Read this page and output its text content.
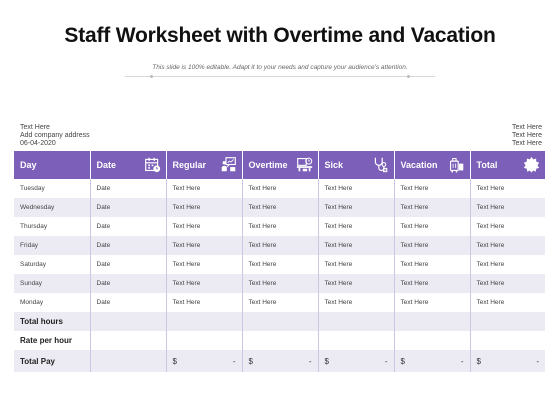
Staff Worksheet with Overtime and Vacation
This slide is 100% editable. Adapt it to your needs and capture your audience's attention.
Text Here
Add company address
06-04-2020
Text Here
Text Here
Text Here
Day	Date	Regular	Overtime	Sick	Vacation	Total

Tuesday	Date	Text Here	Text Here	Text Here	Text Here	Text Here
Wednesday	Date	Text Here	Text Here	Text Here	Text Here	Text Here
Thursday	Date	Text Here	Text Here	Text Here	Text Here	Text Here
Friday	Date	Text Here	Text Here	Text Here	Text Here	Text Here
Saturday	Date	Text Here	Text Here	Text Here	Text Here	Text Here
Sunday	Date	Text Here	Text Here	Text Here	Text Here	Text Here
Monday	Date	Text Here	Text Here	Text Here	Text Here	Text Here
Total hours						
Rate per hour						
Total Pay		$ -	$ -	$ -	$ -	$ -
